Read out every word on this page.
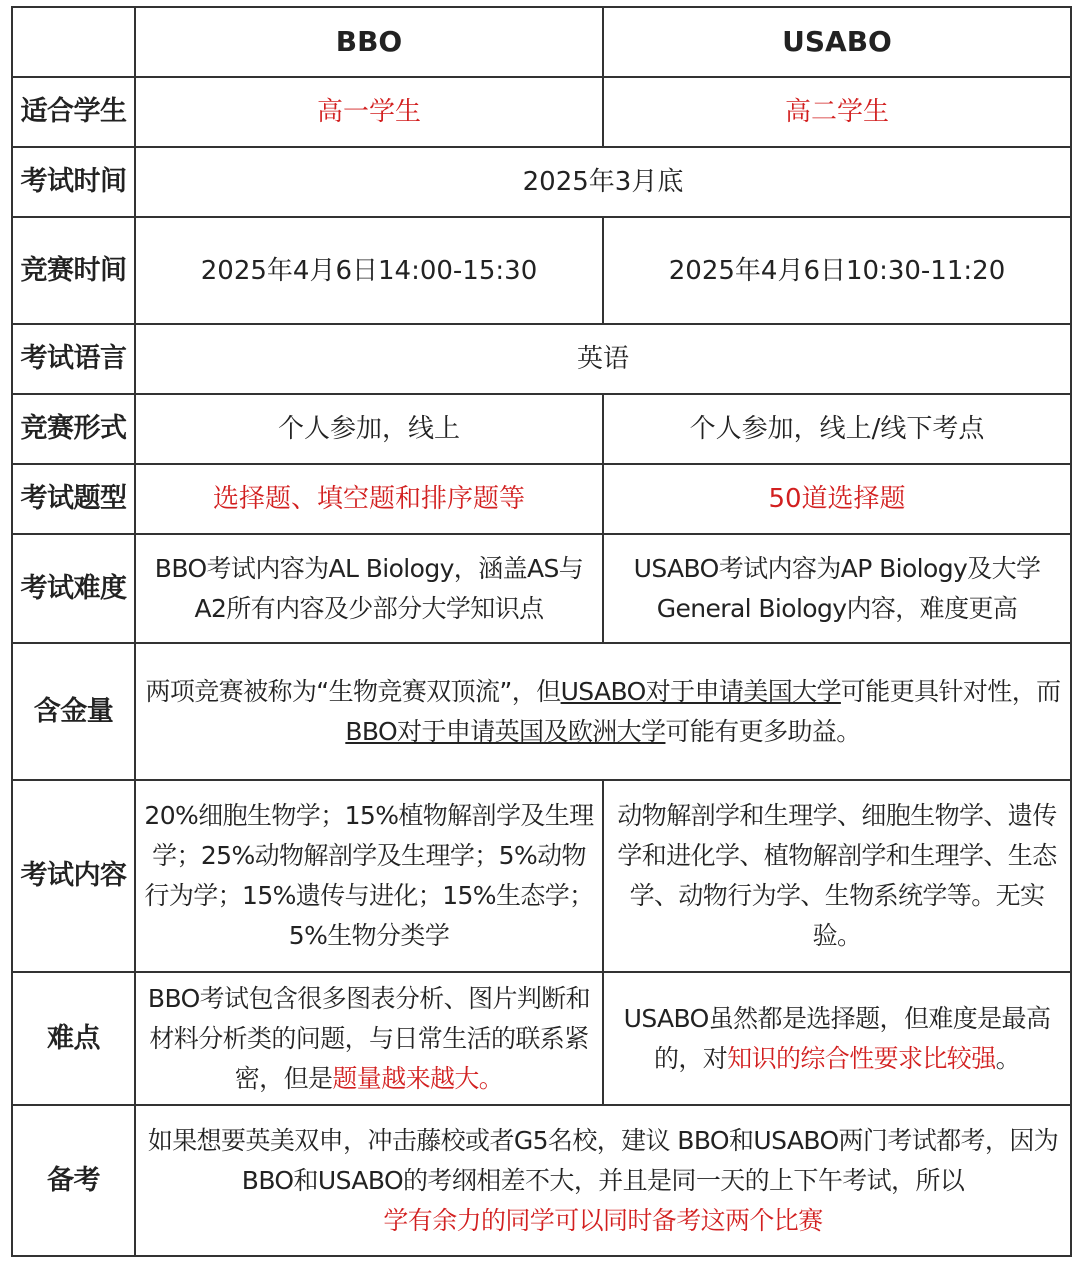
	BBO	USABO
适合学生	高一学生	高二学生
考试时间	2025年3月底	
竞赛时间	2025年4月6日14:00-15:30	2025年4月6日10:30-11:20
考试语言	英语	
竞赛形式	个人参加，线上	个人参加，线上/线下考点
考试题型	选择题、填空题和排序题等	50道选择题
考试难度	BBO考试内容为AL Biology，涵盖AS与A2所有内容及少部分大学知识点	USABO考试内容为AP Biology及大学General Biology内容，难度更高
含金量	两项竞赛被称为“生物竞赛双顶流”，但USABO对于申请美国大学可能更具针对性，而BBO对于申请英国及欧洲大学可能有更多助益。	
考试内容	20%细胞生物学；15%植物解剖学及生理学；25%动物解剖学及生理学；5%动物行为学；15%遗传与进化；15%生态学；5%生物分类学	动物解剖学和生理学、细胞生物学、遗传学和进化学、植物解剖学和生理学、生态学、动物行为学、生物系统学等。无实验。
难点	BBO考试包含很多图表分析、图片判断和材料分析类的问题，与日常生活的联系紧密，但是题量越来越大。	USABO虽然都是选择题，但难度是最高的，对知识的综合性要求比较强。
备考	如果想要英美双申，冲击藤校或者G5名校，建议 BBO和USABO两门考试都考，因为BBO和USABO的考纲相差不大，并且是同一天的上下午考试，所以
学有余力的同学可以同时备考这两个比赛	
